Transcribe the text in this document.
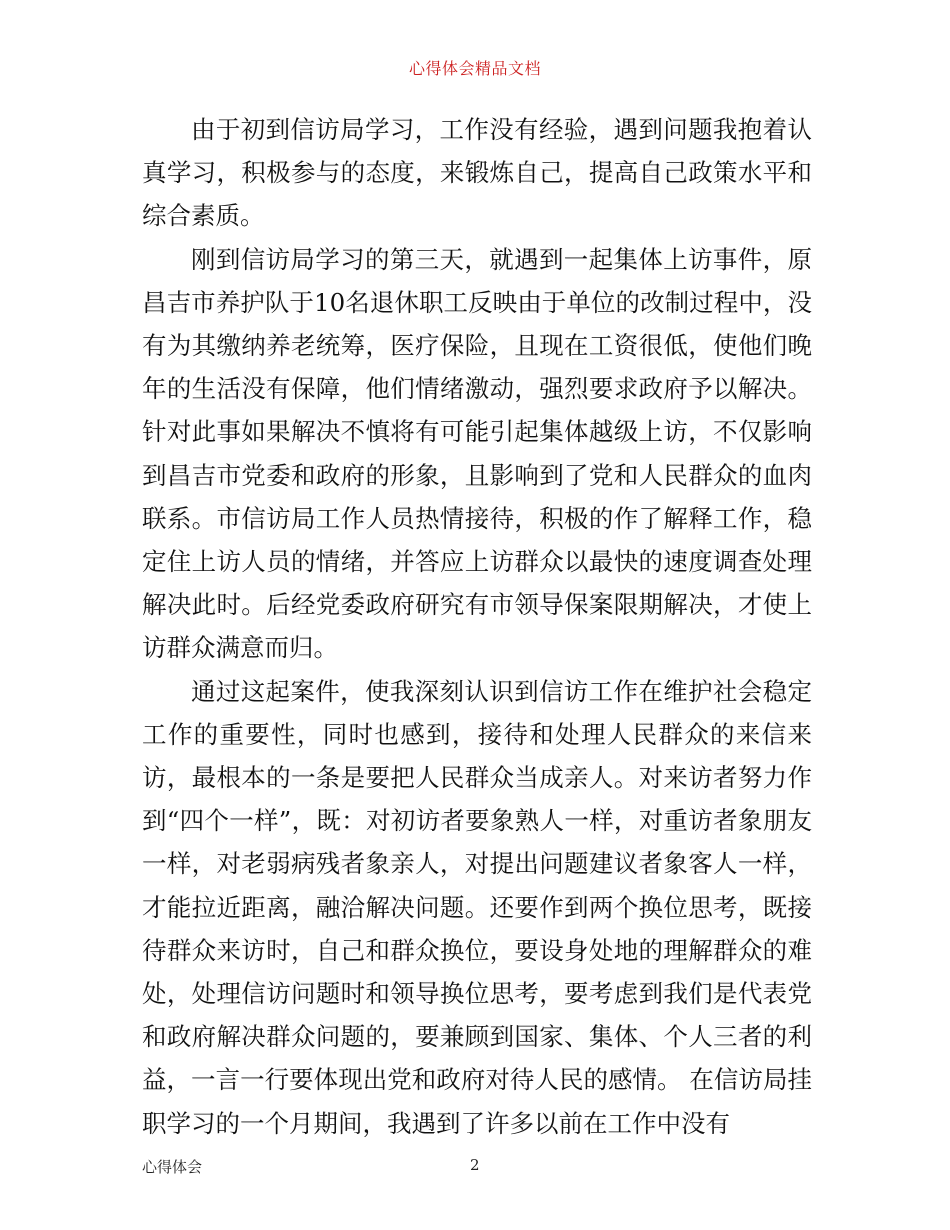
心得体会精品文档

由于初到信访局学习，工作没有经验，遇到问题我抱着认真学习，积极参与的态度，来锻炼自己，提高自己政策水平和综合素质。

刚到信访局学习的第三天，就遇到一起集体上访事件，原昌吉市养护队于10名退休职工反映由于单位的改制过程中，没有为其缴纳养老统筹，医疗保险，且现在工资很低，使他们晚年的生活没有保障，他们情绪激动，强烈要求政府予以解决。针对此事如果解决不慎将有可能引起集体越级上访，不仅影响到昌吉市党委和政府的形象，且影响到了党和人民群众的血肉联系。市信访局工作人员热情接待，积极的作了解释工作，稳定住上访人员的情绪，并答应上访群众以最快的速度调查处理解决此时。后经党委政府研究有市领导保案限期解决，才使上访群众满意而归。

通过这起案件，使我深刻认识到信访工作在维护社会稳定工作的重要性，同时也感到，接待和处理人民群众的来信来访，最根本的一条是要把人民群众当成亲人。对来访者努力作到“四个一样”，既：对初访者要象熟人一样，对重访者象朋友一样，对老弱病残者象亲人，对提出问题建议者象客人一样，才能拉近距离，融洽解决问题。还要作到两个换位思考，既接待群众来访时，自己和群众换位，要设身处地的理解群众的难处，处理信访问题时和领导换位思考，要考虑到我们是代表党和政府解决群众问题的，要兼顾到国家、集体、个人三者的利益，一言一行要体现出党和政府对待人民的感情。 在信访局挂职学习的一个月期间，我遇到了许多以前在工作中没有

心得体会	2
